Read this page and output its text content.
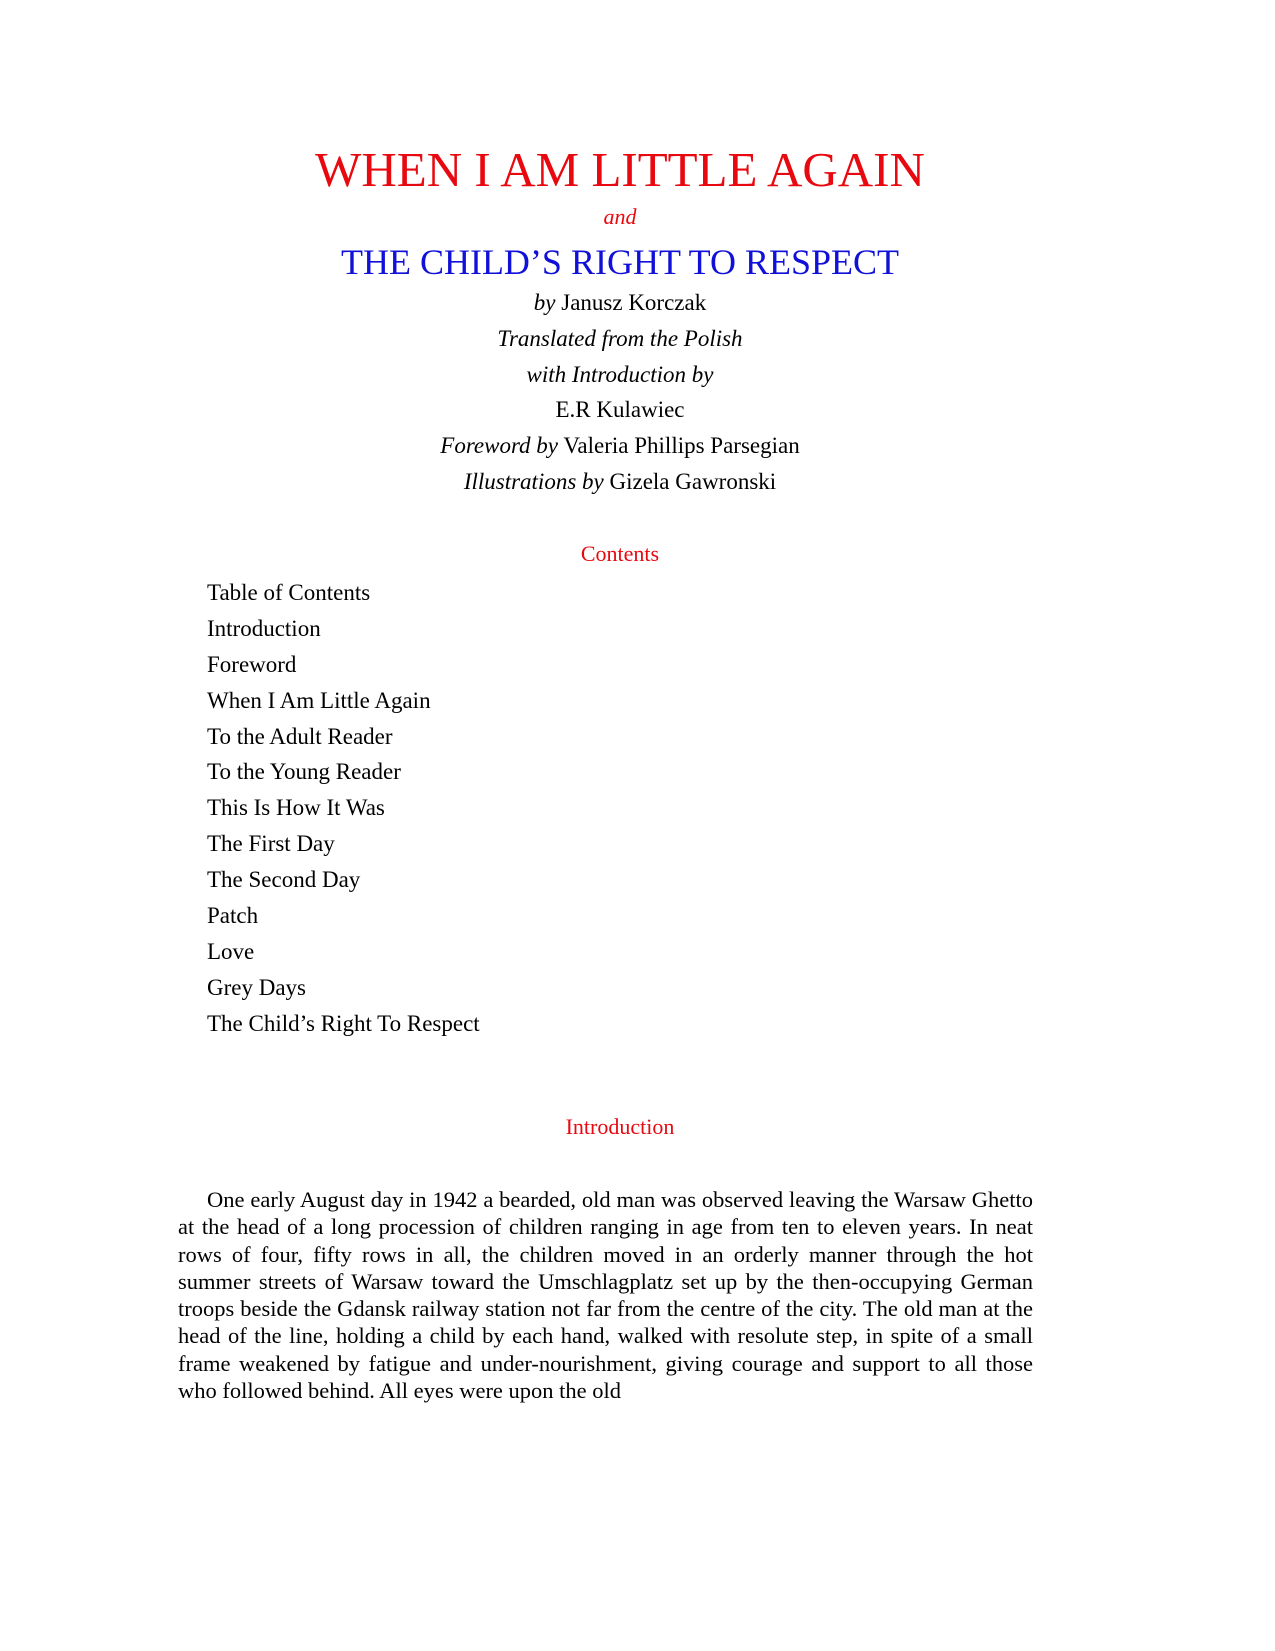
WHEN I AM LITTLE AGAIN
and
THE CHILD’S RIGHT TO RESPECT
by Janusz Korczak
Translated from the Polish
with Introduction by
E.R Kulawiec
Foreword by Valeria Phillips Parsegian
Illustrations by Gizela Gawronski
Contents
Table of Contents
Introduction
Foreword
When I Am Little Again
To the Adult Reader
To the Young Reader
This Is How It Was
The First Day
The Second Day
Patch
Love
Grey Days
The Child’s Right To Respect
Introduction

One early August day in 1942 a bearded, old man was observed leaving the Warsaw Ghetto at the head of a long procession of children ranging in age from ten to eleven years. In neat rows of four, fifty rows in all, the children moved in an orderly manner through the hot summer streets of Warsaw toward the Umschlagplatz set up by the then-occupying German troops beside the Gdansk railway station not far from the centre of the city. The old man at the head of the line, holding a child by each hand, walked with resolute step, in spite of a small frame weakened by fatigue and under-nourishment, giving courage and support to all those who followed behind. All eyes were upon the old
